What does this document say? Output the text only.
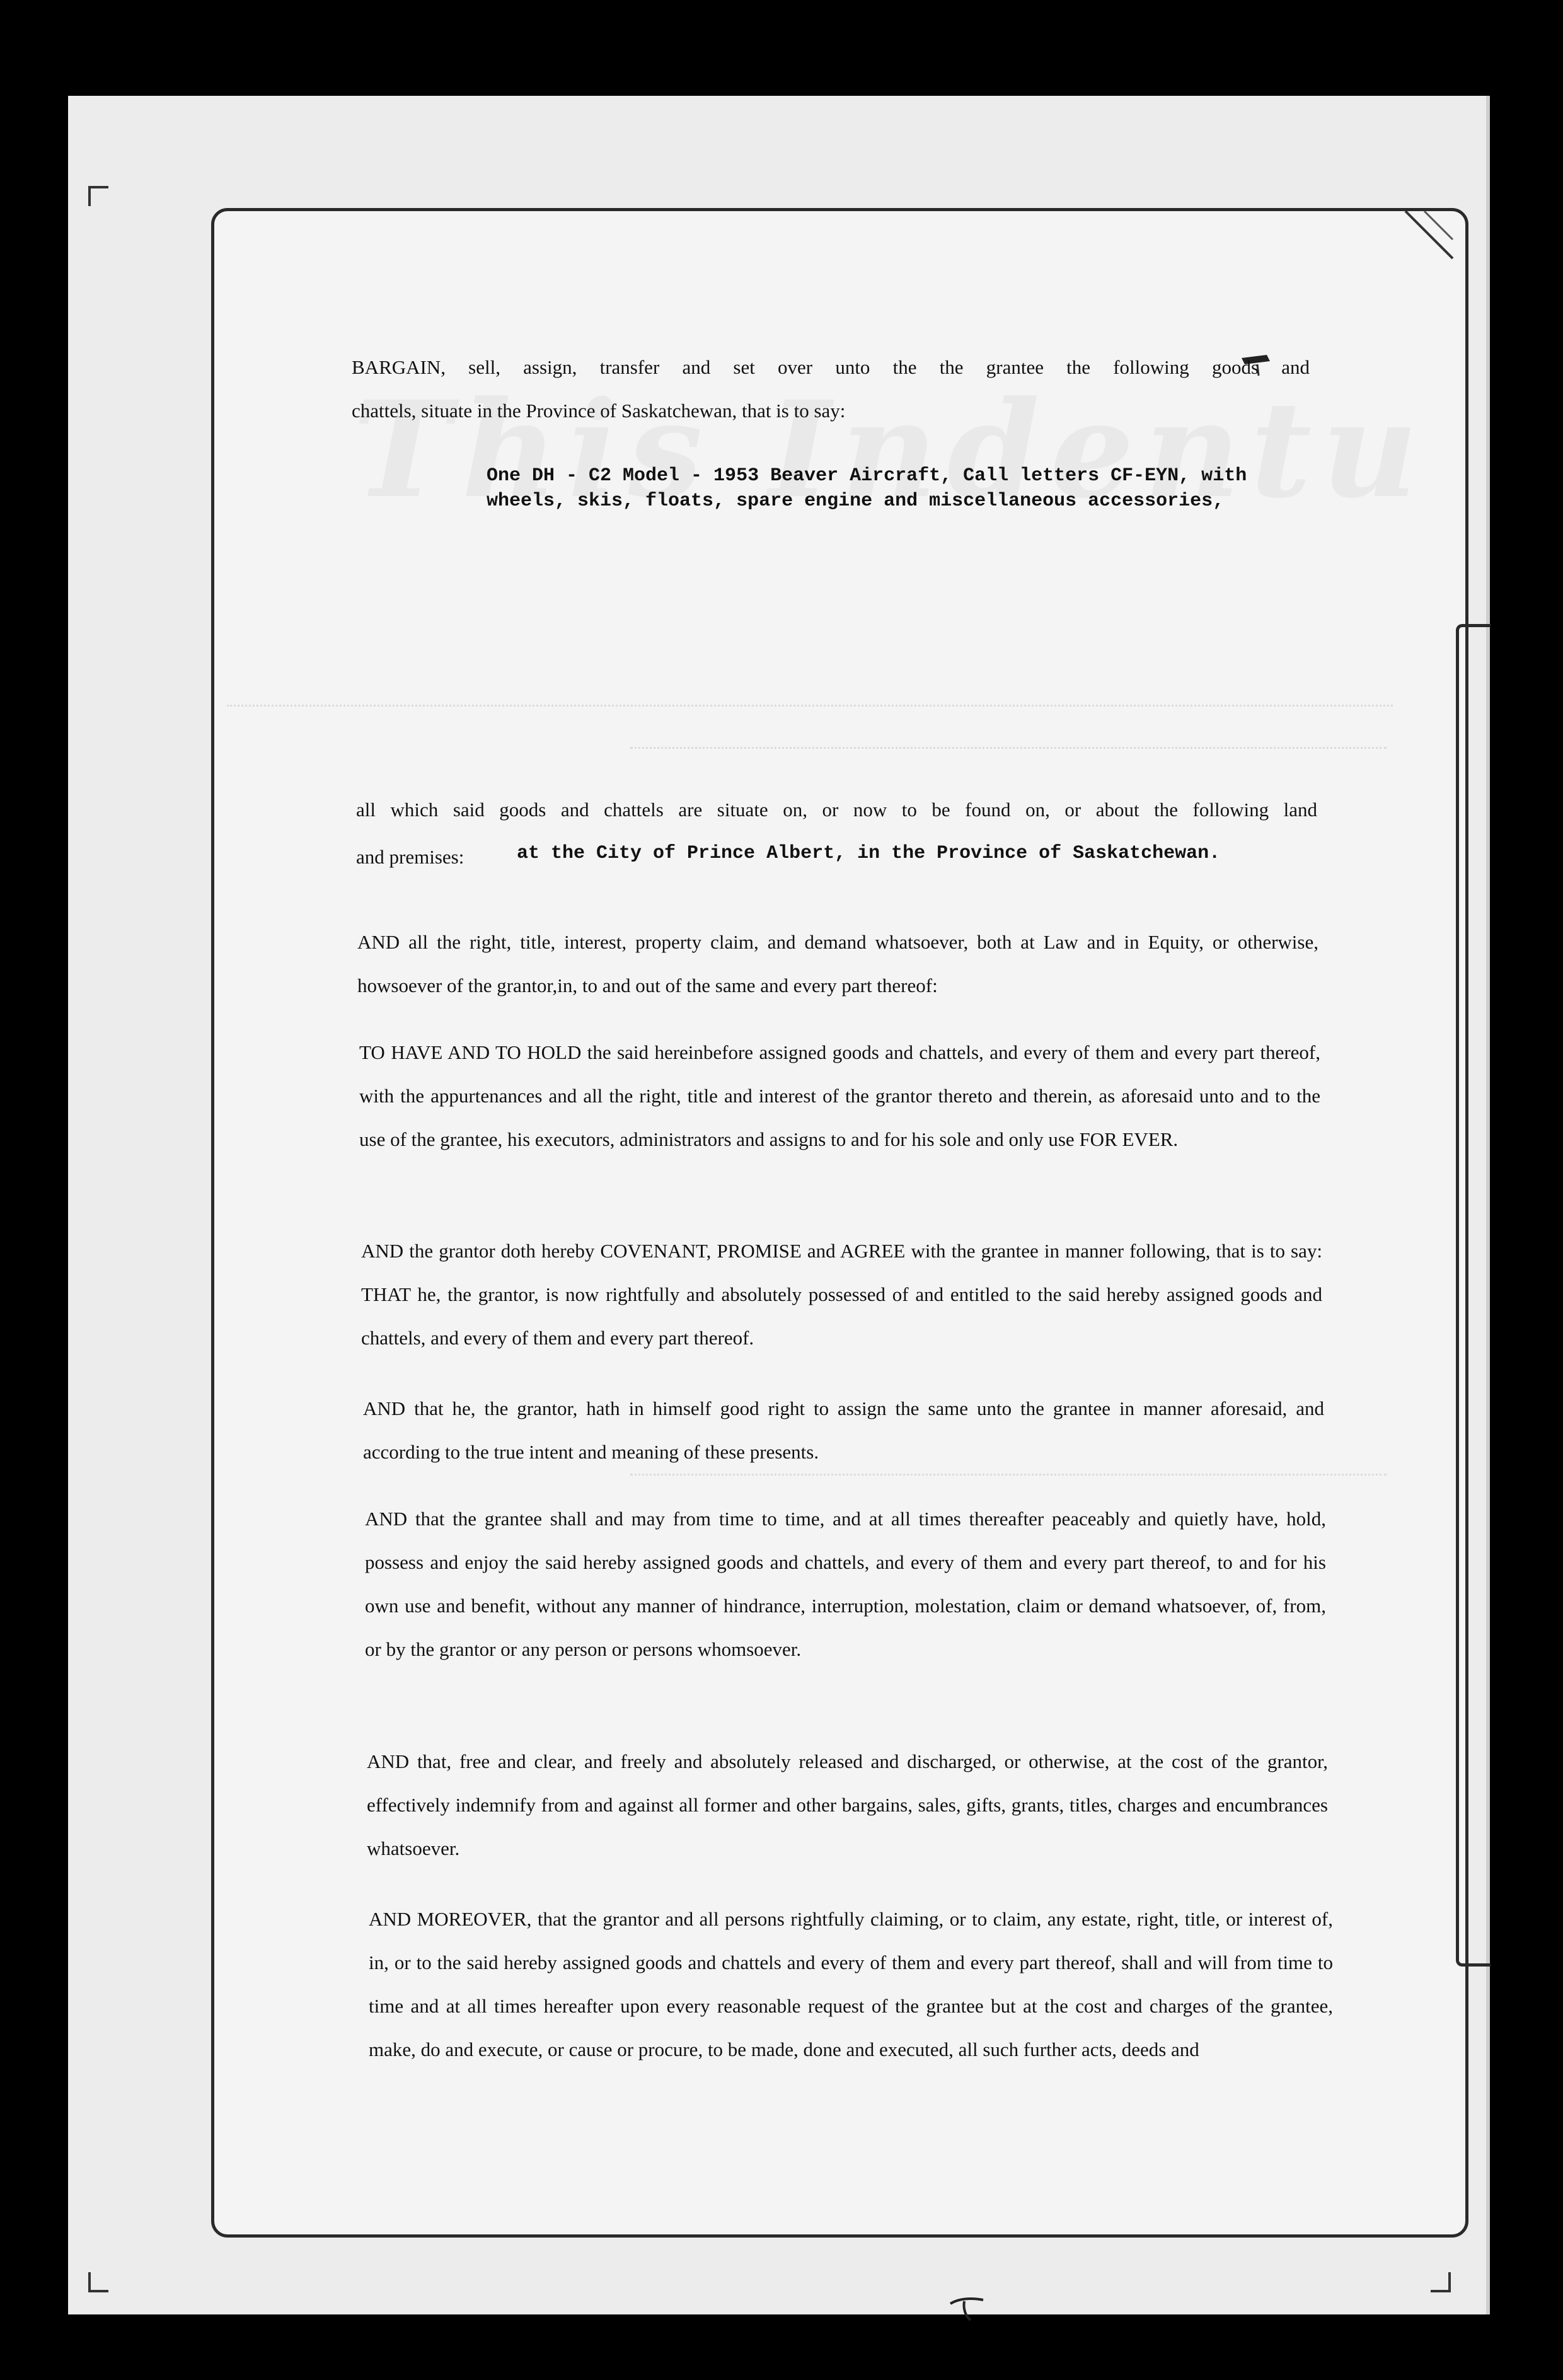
BARGAIN, sell, assign, transfer and set over unto the the grantee the following goods and

chattels, situate in the Province of Saskatchewan, that is to say:

One DH - C2 Model - 1953 Beaver Aircraft, Call letters CF-EYN, with wheels, skis, floats, spare engine and miscellaneous accessories,

all which said goods and chattels are situate on, or now to be found on, or about the following land

and premises:	at the City of Prince Albert, in the Province of Saskatchewan.

AND all the right, title, interest, property claim, and demand whatsoever, both at Law and in Equity, or otherwise, howsoever of the grantor,in, to and out of the same and every part thereof:

TO HAVE AND TO HOLD the said hereinbefore assigned goods and chattels, and every of them and every part thereof, with the appurtenances and all the right, title and interest of the grantor thereto and therein, as aforesaid unto and to the use of the grantee, his executors, administrators and assigns to and for his sole and only use FOR EVER.

AND the grantor doth hereby COVENANT, PROMISE and AGREE with the grantee in manner following, that is to say: THAT he, the grantor, is now rightfully and absolutely possessed of and entitled to the said hereby assigned goods and chattels, and every of them and every part thereof.

AND that he, the grantor, hath in himself good right to assign the same unto the grantee in manner aforesaid, and according to the true intent and meaning of these presents.

AND that the grantee shall and may from time to time, and at all times thereafter peaceably and quietly have, hold, possess and enjoy the said hereby assigned goods and chattels, and every of them and every part thereof, to and for his own use and benefit, without any manner of hindrance, interruption, molestation, claim or demand whatsoever, of, from, or by the grantor or any person or persons whomsoever.

AND that, free and clear, and freely and absolutely released and discharged, or otherwise, at the cost of the grantor, effectively indemnify from and against all former and other bargains, sales, gifts, grants, titles, charges and encumbrances whatsoever.

AND MOREOVER, that the grantor and all persons rightfully claiming, or to claim, any estate, right, title, or interest of, in, or to the said hereby assigned goods and chattels and every of them and every part thereof, shall and will from time to time and at all times hereafter upon every reasonable request of the grantee but at the cost and charges of the grantee, make, do and execute, or cause or procure, to be made, done and executed, all such further acts, deeds and
